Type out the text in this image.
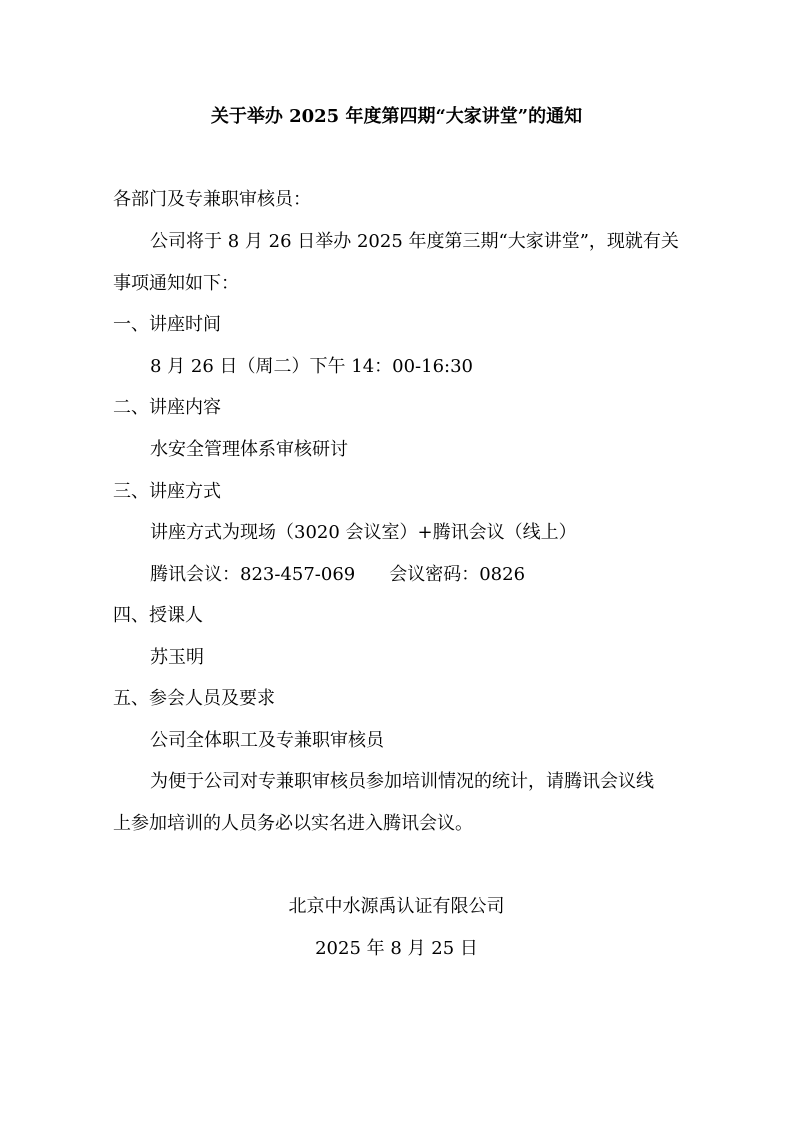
关于举办 2025 年度第四期“大家讲堂”的通知

各部门及专兼职审核员：

公司将于 8 月 26 日举办 2025 年度第三期“大家讲堂”，现就有关

事项通知如下：

一、讲座时间

8 月 26 日（周二）下午 14：00-16:30

二、讲座内容

水安全管理体系审核研讨

三、讲座方式

讲座方式为现场（3020 会议室）+腾讯会议（线上）

腾讯会议：823-457-069 会议密码：0826

四、授课人

苏玉明

五、参会人员及要求

公司全体职工及专兼职审核员

为便于公司对专兼职审核员参加培训情况的统计，请腾讯会议线

上参加培训的人员务必以实名进入腾讯会议。

北京中水源禹认证有限公司

2025 年 8 月 25 日
